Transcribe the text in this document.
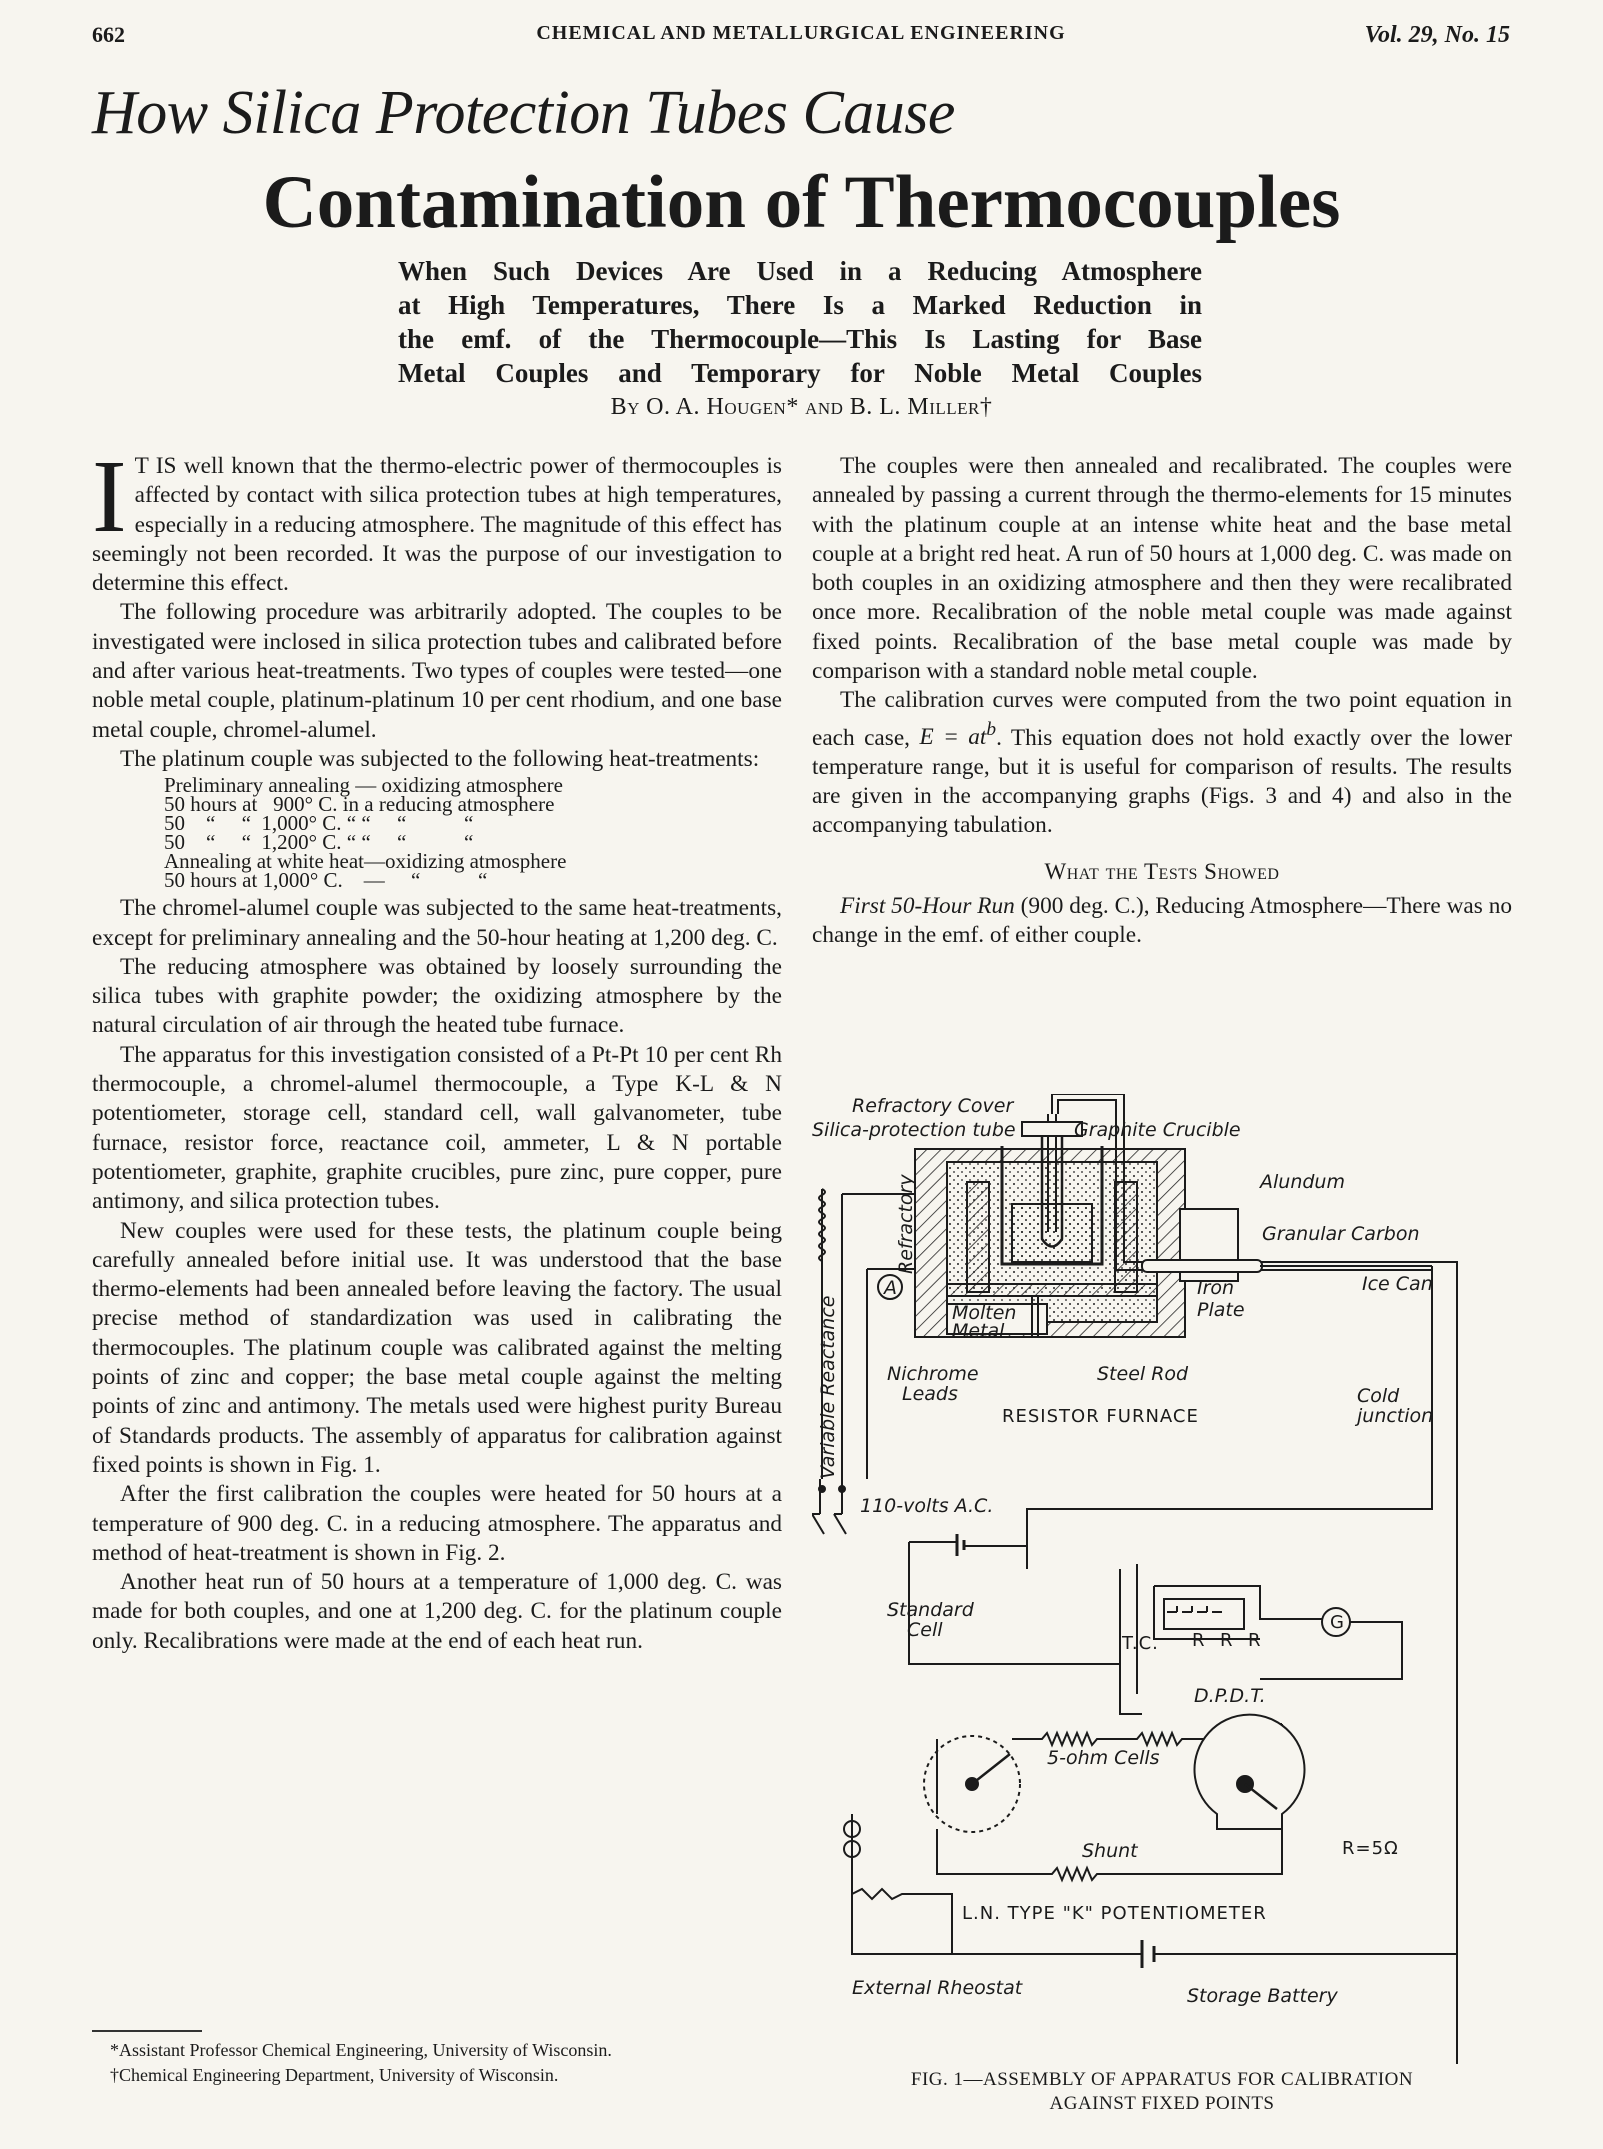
662	CHEMICAL AND METALLURGICAL ENGINEERING	Vol. 29, No. 15
How Silica Protection Tubes Cause
Contamination of Thermocouples
When Such Devices Are Used in a Reducing Atmosphere
at High Temperatures, There Is a Marked Reduction in
the emf. of the Thermocouple—This Is Lasting for Base
Metal Couples and Temporary for Noble Metal Couples
By O. A. Hougen* and B. L. Miller†

I T IS well known that the thermo-electric power of thermocouples is affected by contact with silica protection tubes at high temperatures, especially in a reducing atmosphere. The magnitude of this effect has seemingly not been recorded. It was the purpose of our investigation to determine this effect.

The following procedure was arbitrarily adopted. The couples to be investigated were inclosed in silica protection tubes and calibrated before and after various heat-treatments. Two types of couples were tested—one noble metal couple, platinum-platinum 10 per cent rhodium, and one base metal couple, chromel-alumel.

The platinum couple was subjected to the following heat-treatments:

Preliminary annealing — oxidizing atmosphere
50 hours at   900° C. in a reducing atmosphere
50    “     “  1,000° C. “ “     “           “
50    “     “  1,200° C. “ “     “           “
Annealing at white heat—oxidizing atmosphere
50 hours at 1,000° C.    —     “           “

The chromel-alumel couple was subjected to the same heat-treatments, except for preliminary annealing and the 50-hour heating at 1,200 deg. C.

The reducing atmosphere was obtained by loosely surrounding the silica tubes with graphite powder; the oxidizing atmosphere by the natural circulation of air through the heated tube furnace.

The apparatus for this investigation consisted of a Pt-Pt 10 per cent Rh thermocouple, a chromel-alumel thermocouple, a Type K-L & N potentiometer, storage cell, standard cell, wall galvanometer, tube furnace, resistor force, reactance coil, ammeter, L & N portable potentiometer, graphite, graphite crucibles, pure zinc, pure copper, pure antimony, and silica protection tubes.

New couples were used for these tests, the platinum couple being carefully annealed before initial use. It was understood that the base thermo-elements had been annealed before leaving the factory. The usual precise method of standardization was used in calibrating the thermocouples. The platinum couple was calibrated against the melting points of zinc and copper; the base metal couple against the melting points of zinc and antimony. The metals used were highest purity Bureau of Standards products. The assembly of apparatus for calibration against fixed points is shown in Fig. 1.

After the first calibration the couples were heated for 50 hours at a temperature of 900 deg. C. in a reducing atmosphere. The apparatus and method of heat-treatment is shown in Fig. 2.

Another heat run of 50 hours at a temperature of 1,000 deg. C. was made for both couples, and one at 1,200 deg. C. for the platinum couple only. Recalibrations were made at the end of each heat run.

*Assistant Professor Chemical Engineering, University of Wisconsin.

†Chemical Engineering Department, University of Wisconsin.

The couples were then annealed and recalibrated. The couples were annealed by passing a current through the thermo-elements for 15 minutes with the platinum couple at an intense white heat and the base metal couple at a bright red heat. A run of 50 hours at 1,000 deg. C. was made on both couples in an oxidizing atmosphere and then they were recalibrated once more. Recalibration of the noble metal couple was made against fixed points. Recalibration of the base metal couple was made by comparison with a standard noble metal couple.

The calibration curves were computed from the two point equation in each case, $E = at^b$. This equation does not hold exactly over the lower temperature range, but it is useful for comparison of results. The results are given in the accompanying graphs (Figs. 3 and 4) and also in the accompanying tabulation.

What the Tests Showed

First 50-Hour Run (900 deg. C.), Reducing Atmosphere—There was no change in the emf. of either couple.

Refractory Cover
Silica-protection tube	Graphite Crucible
Alundum
Granular Carbon
Ice Can
Refractory
Variable Reactance
A	Iron
Plate
Molten
Metal
Nichrome
Leads
Steel Rod
RESISTOR FURNACE
Cold
junction
110-volts A.C.
Standard
Cell
T.C. R R R
G
D.P.D.T.
5-ohm Cells
Shunt	R=5Ω
L.N. TYPE "K" POTENTIOMETER
External Rheostat	Storage Battery
FIG. 1—ASSEMBLY OF APPARATUS FOR CALIBRATION
AGAINST FIXED POINTS
